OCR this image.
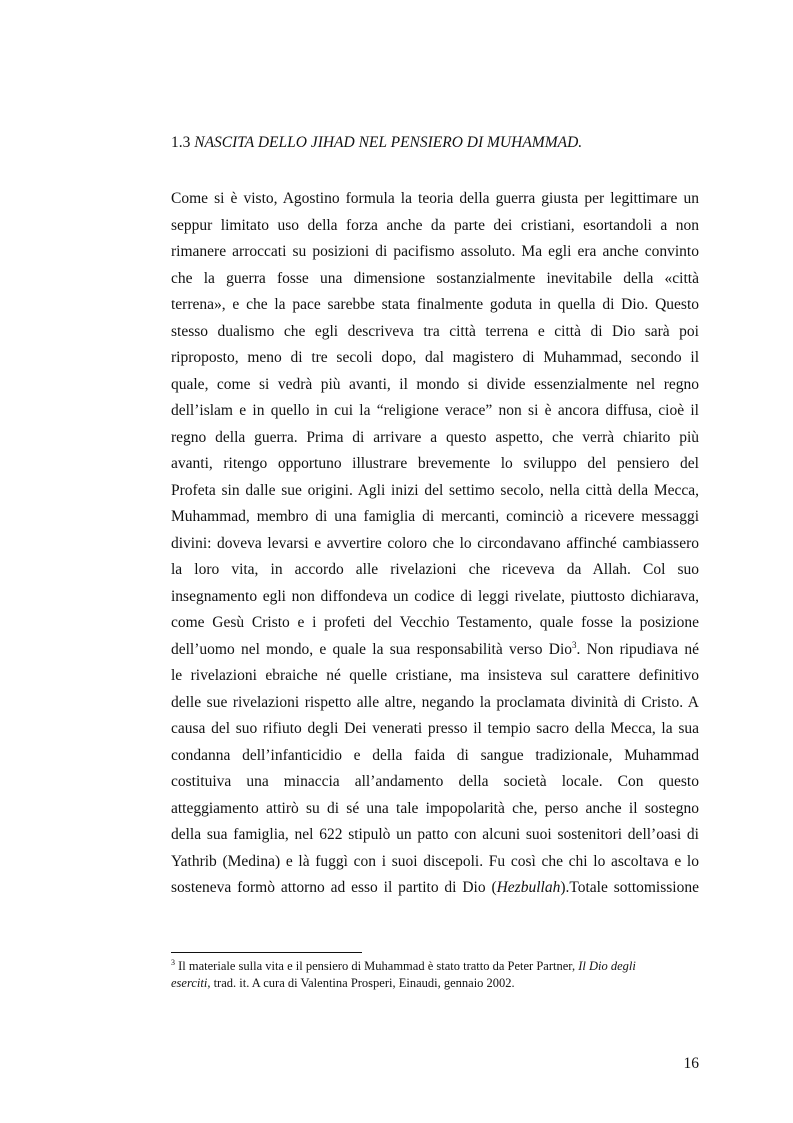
1.3 NASCITA DELLO JIHAD NEL PENSIERO DI MUHAMMAD.
Come si è visto, Agostino formula la teoria della guerra giusta per legittimare un
seppur limitato uso della forza anche da parte dei cristiani, esortandoli a non
rimanere arroccati su posizioni di pacifismo assoluto. Ma egli era anche convinto
che la guerra fosse una dimensione sostanzialmente inevitabile della «città
terrena», e che la pace sarebbe stata finalmente goduta in quella di Dio. Questo
stesso dualismo che egli descriveva tra città terrena e città di Dio sarà poi
riproposto, meno di tre secoli dopo, dal magistero di Muhammad, secondo il
quale, come si vedrà più avanti, il mondo si divide essenzialmente nel regno
dell’islam e in quello in cui la “religione verace” non si è ancora diffusa, cioè il
regno della guerra. Prima di arrivare a questo aspetto, che verrà chiarito più
avanti, ritengo opportuno illustrare brevemente lo sviluppo del pensiero del
Profeta sin dalle sue origini. Agli inizi del settimo secolo, nella città della Mecca,
Muhammad, membro di una famiglia di mercanti, cominciò a ricevere messaggi
divini: doveva levarsi e avvertire coloro che lo circondavano affinché cambiassero
la loro vita, in accordo alle rivelazioni che riceveva da Allah. Col suo
insegnamento egli non diffondeva un codice di leggi rivelate, piuttosto dichiarava,
come Gesù Cristo e i profeti del Vecchio Testamento, quale fosse la posizione
dell’uomo nel mondo, e quale la sua responsabilità verso Dio$^3$. Non ripudiava né
le rivelazioni ebraiche né quelle cristiane, ma insisteva sul carattere definitivo
delle sue rivelazioni rispetto alle altre, negando la proclamata divinità di Cristo. A
causa del suo rifiuto degli Dei venerati presso il tempio sacro della Mecca, la sua
condanna dell’infanticidio e della faida di sangue tradizionale, Muhammad
costituiva una minaccia all’andamento della società locale. Con questo
atteggiamento attirò su di sé una tale impopolarità che, perso anche il sostegno
della sua famiglia, nel 622 stipulò un patto con alcuni suoi sostenitori dell’oasi di
Yathrib (Medina) e là fuggì con i suoi discepoli. Fu così che chi lo ascoltava e lo
sosteneva formò attorno ad esso il partito di Dio (Hezbullah).Totale sottomissione
$^3$ Il materiale sulla vita e il pensiero di Muhammad è stato tratto da Peter Partner, Il Dio degli
eserciti, trad. it. A cura di Valentina Prosperi, Einaudi, gennaio 2002.
16
